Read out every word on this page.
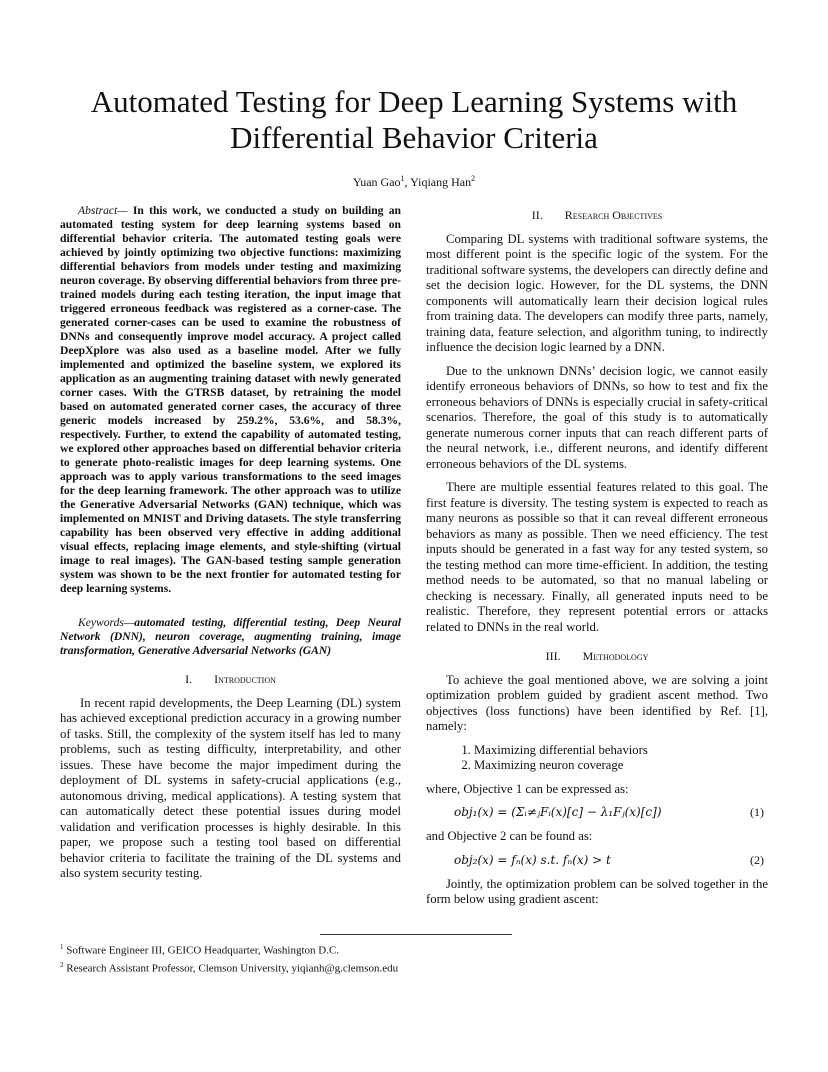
Automated Testing for Deep Learning Systems with
Differential Behavior Criteria
Yuan Gao$^1$, Yiqiang Han$^2$

Abstract— In this work, we conducted a study on building an automated testing system for deep learning systems based on differential behavior criteria. The automated testing goals were achieved by jointly optimizing two objective functions: maximizing differential behaviors from models under testing and maximizing neuron coverage. By observing differential behaviors from three pre-trained models during each testing iteration, the input image that triggered erroneous feedback was registered as a corner-case. The generated corner-cases can be used to examine the robustness of DNNs and consequently improve model accuracy. A project called DeepXplore was also used as a baseline model. After we fully implemented and optimized the baseline system, we explored its application as an augmenting training dataset with newly generated corner cases. With the GTRSB dataset, by retraining the model based on automated generated corner cases, the accuracy of three generic models increased by 259.2%, 53.6%, and 58.3%, respectively. Further, to extend the capability of automated testing, we explored other approaches based on differential behavior criteria to generate photo-realistic images for deep learning systems. One approach was to apply various transformations to the seed images for the deep learning framework. The other approach was to utilize the Generative Adversarial Networks (GAN) technique, which was implemented on MNIST and Driving datasets. The style transferring capability has been observed very effective in adding additional visual effects, replacing image elements, and style-shifting (virtual image to real images). The GAN-based testing sample generation system was shown to be the next frontier for automated testing for deep learning systems.

Keywords—automated testing, differential testing, Deep Neural Network (DNN), neuron coverage, augmenting training, image transformation, Generative Adversarial Networks (GAN)

I. Introduction

In recent rapid developments, the Deep Learning (DL) system has achieved exceptional prediction accuracy in a growing number of tasks. Still, the complexity of the system itself has led to many problems, such as testing difficulty, interpretability, and other issues. These have become the major impediment during the deployment of DL systems in safety-crucial applications (e.g., autonomous driving, medical applications). A testing system that can automatically detect these potential issues during model validation and verification processes is highly desirable. In this paper, we propose such a testing tool based on differential behavior criteria to facilitate the training of the DL systems and also system security testing.

II. Research Objectives

Comparing DL systems with traditional software systems, the most different point is the specific logic of the system. For the traditional software systems, the developers can directly define and set the decision logic. However, for the DL systems, the DNN components will automatically learn their decision logical rules from training data. The developers can modify three parts, namely, training data, feature selection, and algorithm tuning, to indirectly influence the decision logic learned by a DNN.

Due to the unknown DNNs’ decision logic, we cannot easily identify erroneous behaviors of DNNs, so how to test and fix the erroneous behaviors of DNNs is especially crucial in safety-critical scenarios. Therefore, the goal of this study is to automatically generate numerous corner inputs that can reach different parts of the neural network, i.e., different neurons, and identify different erroneous behaviors of the DL systems.

There are multiple essential features related to this goal. The first feature is diversity. The testing system is expected to reach as many neurons as possible so that it can reveal different erroneous behaviors as many as possible. Then we need efficiency. The test inputs should be generated in a fast way for any tested system, so the testing method can more time-efficient. In addition, the testing method needs to be automated, so that no manual labeling or checking is necessary. Finally, all generated inputs need to be realistic. Therefore, they represent potential errors or attacks related to DNNs in the real world.

III. Methodology

To achieve the goal mentioned above, we are solving a joint optimization problem guided by gradient ascent method. Two objectives (loss functions) have been identified by Ref. [1], namely:

1. Maximizing differential behaviors
2. Maximizing neuron coverage

where, Objective 1 can be expressed as:

obj₁(x) = (Σᵢ≠ⱼFᵢ(x)[c] − λ₁Fⱼ(x)[c])	(1)

and Objective 2 can be found as:

obj₂(x) = fₙ(x) s.t. fₙ(x) > t	(2)

Jointly, the optimization problem can be solved together in the form below using gradient ascent:

$^1$ Software Engineer III, GEICO Headquarter, Washington D.C.
$^2$ Research Assistant Professor, Clemson University, yiqianh@g.clemson.edu
